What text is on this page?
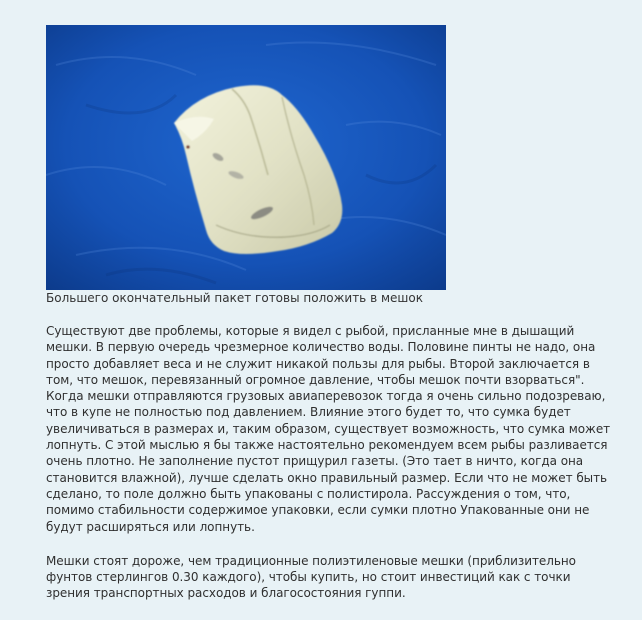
Большего окончательный пакет готовы положить в мешок

Существуют две проблемы, которые я видел с рыбой, присланные мне в дышащий мешки. В первую очередь чрезмерное количество воды. Половине пинты не надо, она просто добавляет веса и не служит никакой пользы для рыбы. Второй заключается в том, что мешок, перевязанный огромное давление, чтобы мешок почти взорваться". Когда мешки отправляются грузовых авиаперевозок тогда я очень сильно подозреваю, что в купе не полностью под давлением. Влияние этого будет то, что сумка будет увеличиваться в размерах и, таким образом, существует возможность, что сумка может лопнуть. С этой мыслью я бы также настоятельно рекомендуем всем рыбы разливается очень плотно. Не заполнение пустот прищурил газеты. (Это тает в ничто, когда она становится влажной), лучше сделать окно правильный размер. Если что не может быть сделано, то поле должно быть упакованы с полистирола. Рассуждения о том, что, помимо стабильности содержимое упаковки, если сумки плотно Упакованные они не будут расширяться или лопнуть.

Мешки стоят дороже, чем традиционные полиэтиленовые мешки (приблизительно фунтов стерлингов 0.30 каждого), чтобы купить, но стоит инвестиций как с точки зрения транспортных расходов и благосостояния гуппи.
